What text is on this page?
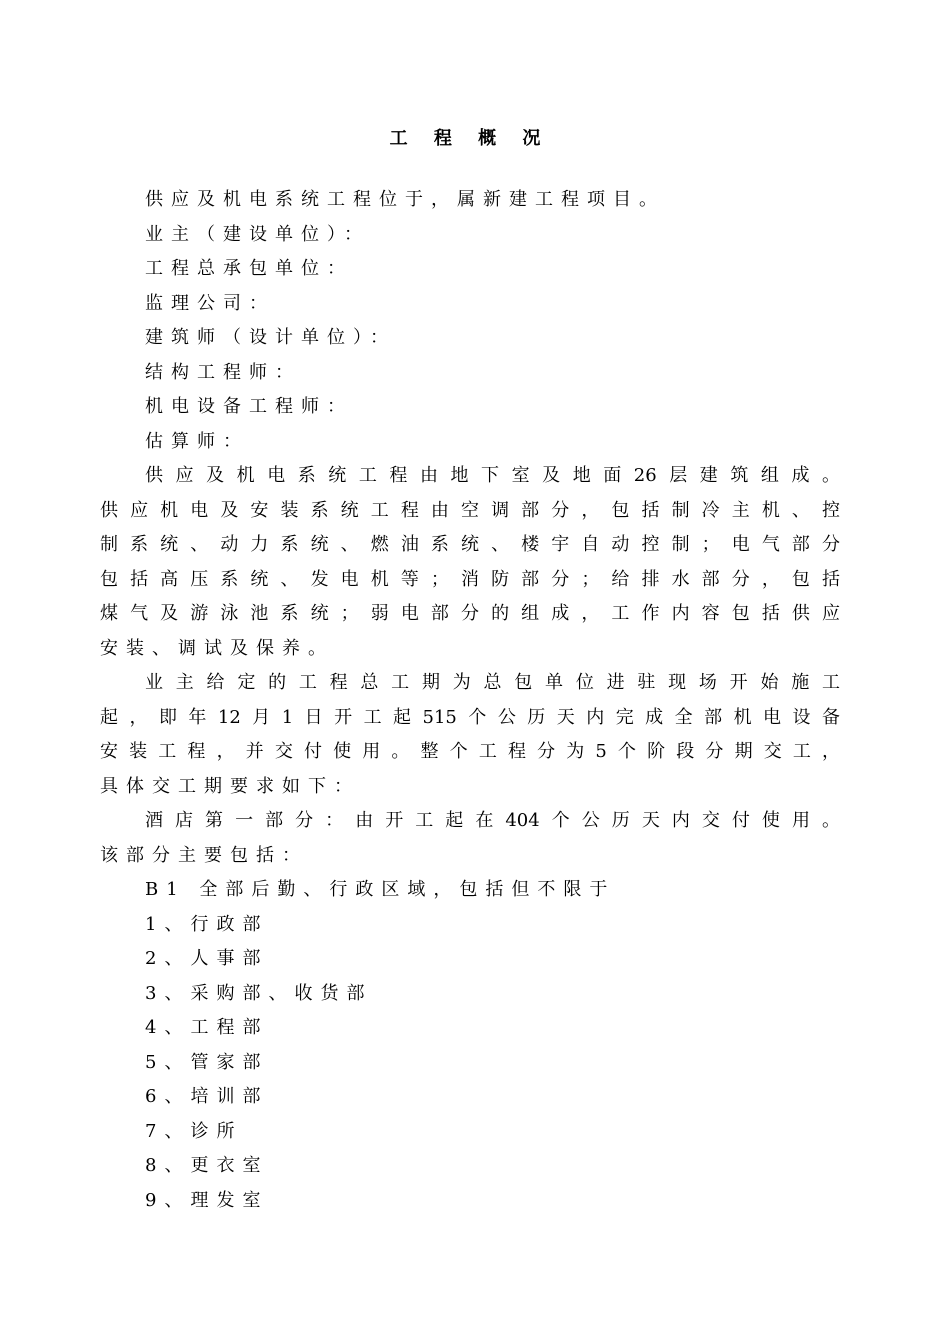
工 程 概 况
供应及机电系统工程位于，属新建工程项目。
业主（建设单位）：
工程总承包单位：
监理公司：
建筑师（设计单位）：
结构工程师：
机电设备工程师：
估算师：
供应及机电系统工程由地下室及地面26层建筑组成。
供应机电及安装系统工程由空调部分，包括制冷主机、控
制系统、动力系统、燃油系统、楼宇自动控制；电气部分
包括高压系统、发电机等；消防部分；给排水部分，包括
煤气及游泳池系统；弱电部分的组成，工作内容包括供应
安装、调试及保养。
业主给定的工程总工期为总包单位进驻现场开始施工
起，即年12月1日开工起515个公历天内完成全部机电设备
安装工程，并交付使用。整个工程分为5个阶段分期交工，
具体交工期要求如下：
酒店第一部分：由开工起在404个公历天内交付使用。
该部分主要包括：
B1 全部后勤、行政区域，包括但不限于
1、行政部
2、人事部
3、采购部、收货部
4、工程部
5、管家部
6、培训部
7、诊所
8、更衣室
9、理发室
